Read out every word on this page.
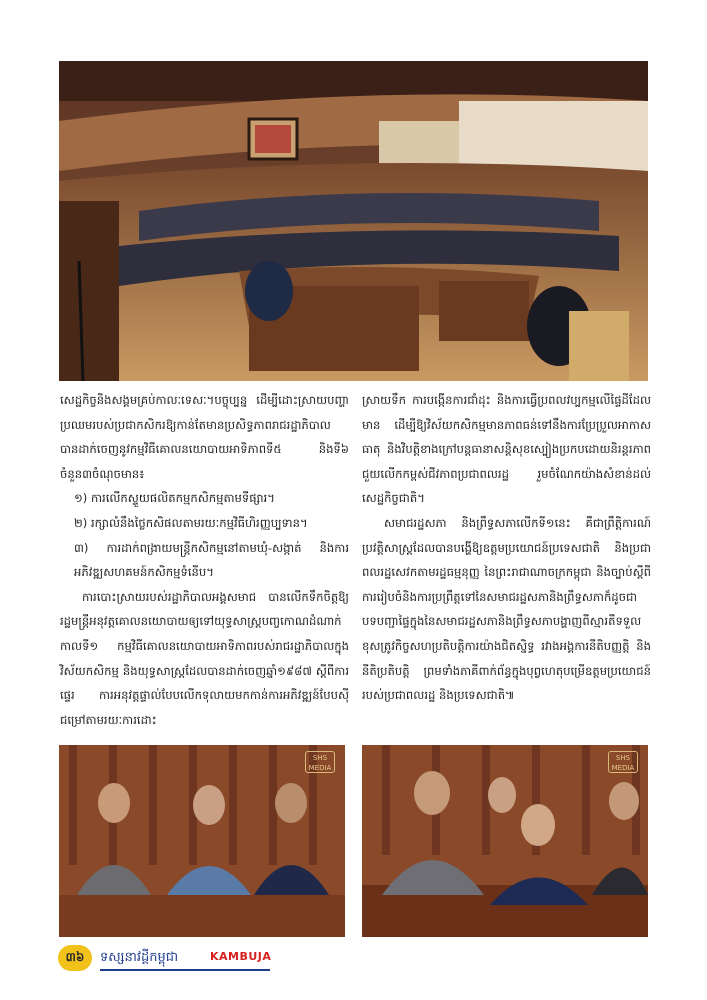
សេដ្ឋកិច្ចនិងសង្គមគ្រប់កាលៈទេសៈ។បច្ចុប្បន្ន ដើម្បីដោះស្រាយបញ្ហាប្រឈមរបស់ប្រជាកសិករឱ្យកាន់តែមានប្រសិទ្ធភាពរាជរដ្ឋាភិបាល បានដាក់ចេញនូវកម្មវិធីគោលនយោបាយអាទិភាពទី៥ និងទី៦ ចំនួន៣ចំណុចមាន៖

១) ការលើកស្ទួយផលិតកម្មកសិកម្មតាមទីផ្សារ។

២) រក្សាលំនឹងថ្លៃកសិផលតាមរយៈកម្មវិធីហិរញ្ញប្បទាន។

៣) ការដាក់ពង្រាយមន្ត្រីកសិកម្មនៅតាមឃុំ-សង្កាត់ និងការអភិវឌ្ឍសហគមន៍កសិកម្មទំនើប។

ការបោះស្រាយរបស់រដ្ឋាភិបាលអង្គសមាជ បានលើកទឹកចិត្តឱ្យរដ្ឋមន្ត្រីអនុវត្តគោលនយោបាយឲ្យទៅយុទ្ធសាស្ត្របញ្ចកោណដំណាក់កាលទី១ កម្មវិធីគោលនយោបាយអាទិភាពរបស់រាជរដ្ឋាភិបាលក្នុងវិស័យកសិកម្ម និងយុទ្ធសាស្ត្រដែលបានដាក់ចេញឆ្នាំ១៩៨៧ ស្តីពីការផ្ទេរ ការអនុវត្តផ្ទាល់បែបលើកទុលាយមកកាន់ការអភិវឌ្ឍន៍បែបស៊ីជម្រៅតាមរយៈការដោះ

ស្រាយទឹក ការបង្កើនការជាំដុះ និងការធ្វើប្រពលវប្បកម្មលើផ្ទៃដីដែលមាន ដើម្បីឱ្យវិស័យកសិកម្មមានភាពធន់ទៅនឹងការប្រែប្រួលអាកាសធាតុ និងវិបត្តិខាងក្រៅបន្តធានាសន្តិសុខស្បៀងប្រកបដោយនិរន្តរភាព ជួយលើកកម្ពស់ជីវភាពប្រជាពលរដ្ឋ រួមចំណែកយ៉ាងសំខាន់ដល់សេដ្ឋកិច្ចជាតិ។

សមាជរដ្ឋសភា និងព្រឹទ្ធសភាលើកទី១នេះ គឺជាព្រឹត្តិការណ៍ប្រវត្តិសាស្ត្រដែលបានបង្ហើឱ្យឧត្តមប្រយោជន៍ប្រទេសជាតិ និងប្រជាពលរដ្ឋសេវកតាមរដ្ឋធម្មនុញ្ញ នៃព្រះរាជាណាចក្រកម្ពុជា និងច្បាប់ស្តីពីការរៀបចំនិងការប្រព្រឹត្តទៅនៃសមាជរដ្ឋសភានិងព្រឹទ្ធសភាក៏ដូចជាបទបញ្ជាផ្ទៃក្នុងនៃសមាជរដ្ឋសភានិងព្រឹទ្ធសភាបង្ហាញពីស្មារតីទទួលខុសត្រូវកិច្ចសហប្រតិបត្តិការយ៉ាងជិតស្និទ្ធ រវាងអង្គការនីតិបញ្ញត្តិ និងនីតិប្រតិបត្តិ ព្រមទាំងភាគីពាក់ព័ន្ធក្នុងបុព្វហេតុបម្រើឧត្តមប្រយោជន៍របស់ប្រជាពលរដ្ឋ និងប្រទេសជាតិ៕

SHS
MEDIA
SHS
MEDIA
៣៦	ទស្សនាវដ្តីកម្ពុជា	KAMBUJA
